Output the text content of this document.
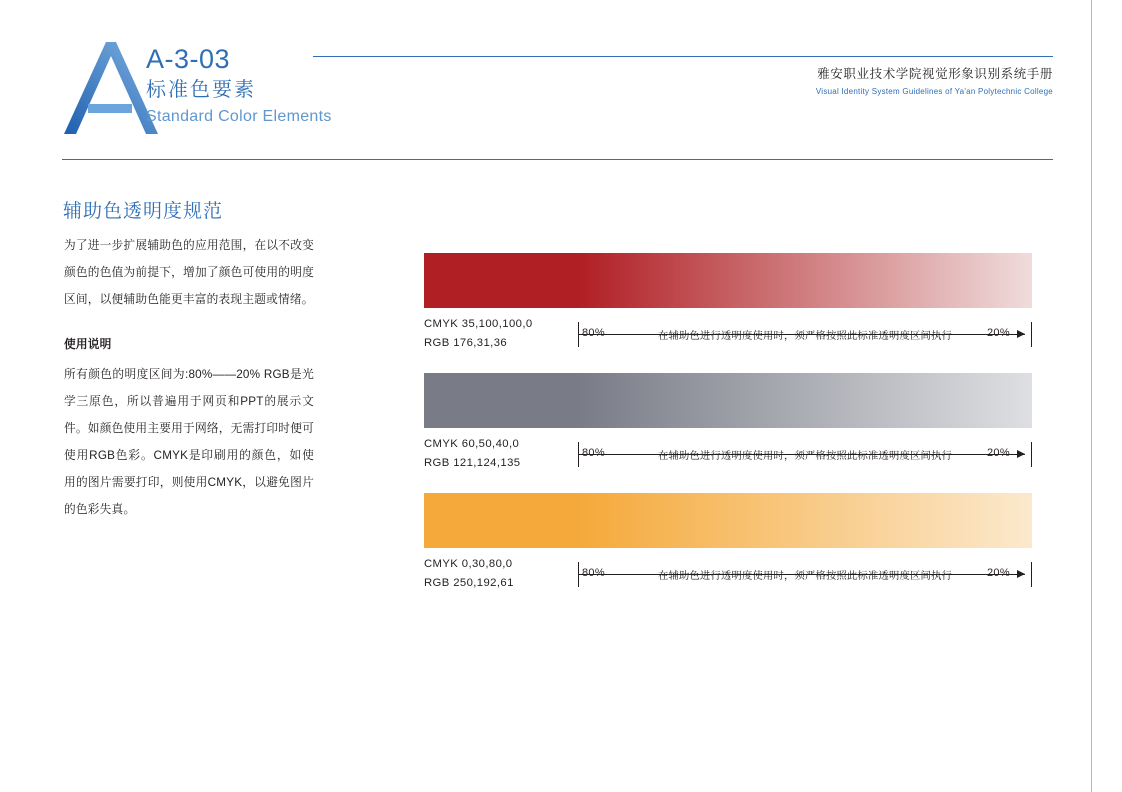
A-3-03
标准色要素
Standard Color Elements
雅安职业技术学院视觉形象识别系统手册
Visual Identity System Guidelines of Ya'an Polytechnic College
辅助色透明度规范
为了进一步扩展辅助色的应用范围，在以不改变颜色的色值为前提下，增加了颜色可使用的明度区间，以便辅助色能更丰富的表现主题或情绪。
使用说明
所有颜色的明度区间为:80%——20% RGB是光学三原色，所以普遍用于网页和PPT的展示文件。如颜色使用主要用于网络，无需打印时便可使用RGB色彩。CMYK是印刷用的颜色，如使用的图片需要打印，则使用CMYK，以避免图片的色彩失真。
CMYK 35,100,100,0
RGB 176,31,36
80%	20%
在辅助色进行透明度使用时，须严格按照此标准透明度区间执行
CMYK 60,50,40,0
RGB 121,124,135
80%	20%
在辅助色进行透明度使用时，须严格按照此标准透明度区间执行
CMYK 0,30,80,0
RGB 250,192,61
80%	20%
在辅助色进行透明度使用时，须严格按照此标准透明度区间执行
